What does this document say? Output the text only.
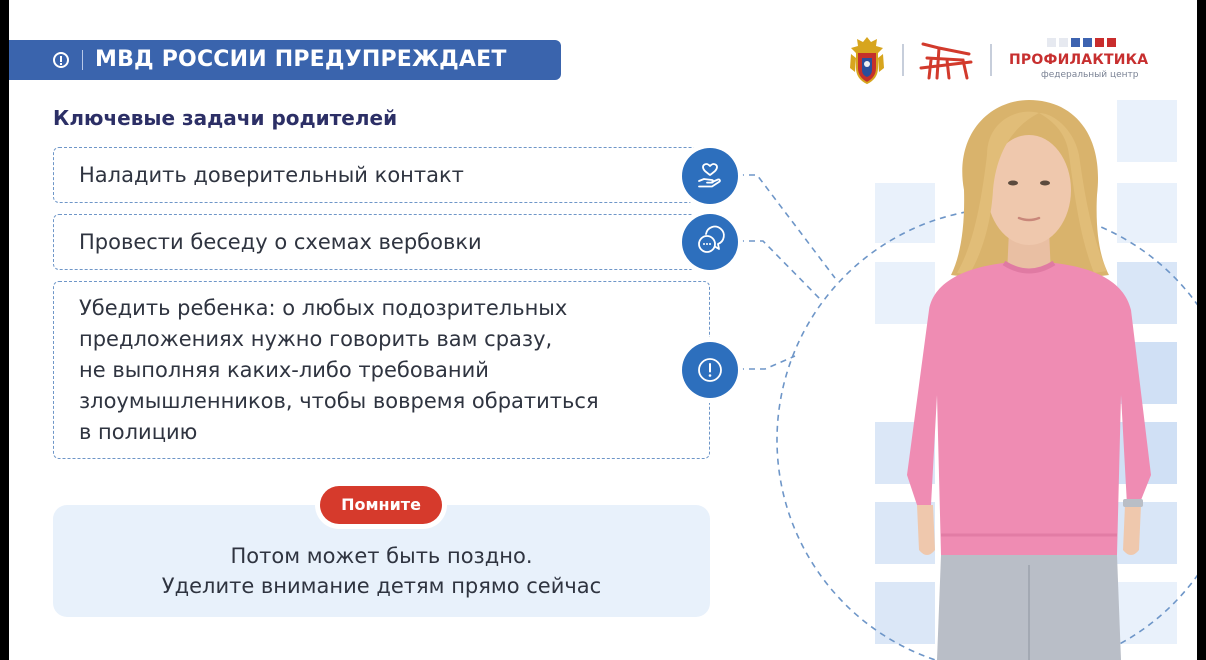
МВД РОССИИ ПРЕДУПРЕЖДАЕТ	ПРОФИЛАКТИКА
федеральный центр
Ключевые задачи родителей
Наладить доверительный контакт
Провести беседу о схемах вербовки
Убедить ребенка: о любых подозрительных
предложениях нужно говорить вам сразу,
не выполняя каких-либо требований
злоумышленников, чтобы вовремя обратиться
в полицию
Помните
Потом может быть поздно.
Уделите внимание детям прямо сейчас
